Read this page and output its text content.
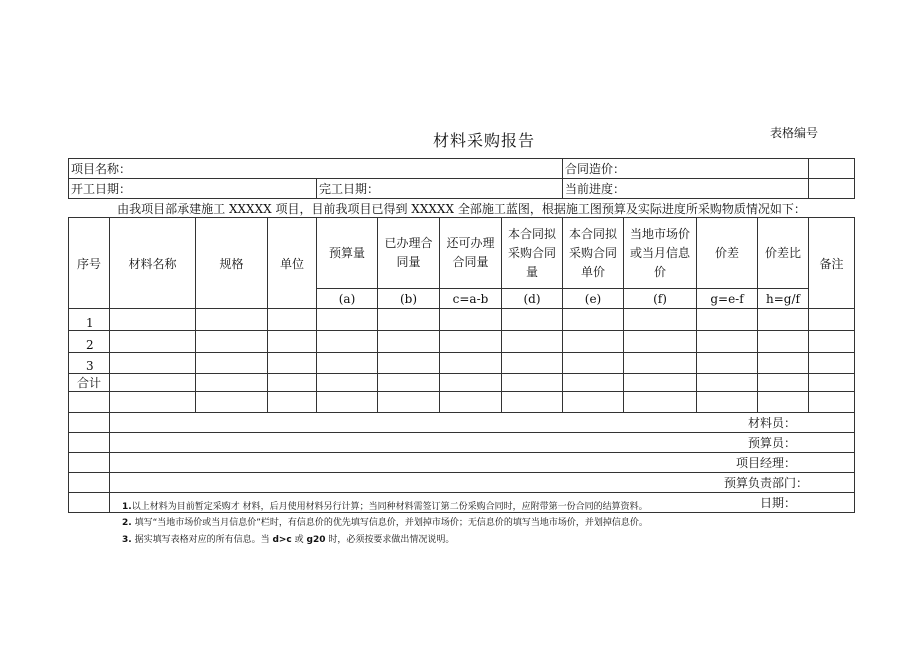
材料采购报告	表格编号
项目名称：								合同造价：				
开工日期：				完工日期：				当前进度：				
由我项目部承建施工 XXXXX 项目，目前我项目已得到 XXXXX 全部施工蓝图，根据施工图预算及实际进度所采购物质情况如下：												
序号	材料名称	规格	单位	预算量	已办理合同量	还可办理合同量	本合同拟采购合同量	本合同拟采购合同单价	当地市场价或当月信息价	价差	价差比	备注
				(a)	(b)	c=a-b	(d)	(e)	(f)	g=e-f	h=g/f	
1												
2												
3												
合计												

	材料员：											
	预算员：											
	项目经理：											
	预算负责部门：											
	日期：											
1.以上材料为目前暂定采购才 材料，后月使用材料另行计算；当同种材料需签订第二份采购合同时，应附带第一份合同的结算资料。
2. 填写“当地市场价或当月信息价”栏时，有信息价的优先填写信息价，并划掉市场价；无信息价的填写当地市场价，并划掉信息价。
3. 据实填写表格对应的所有信息。当 d>c 或 g20 时，必须按要求做出情况说明。
